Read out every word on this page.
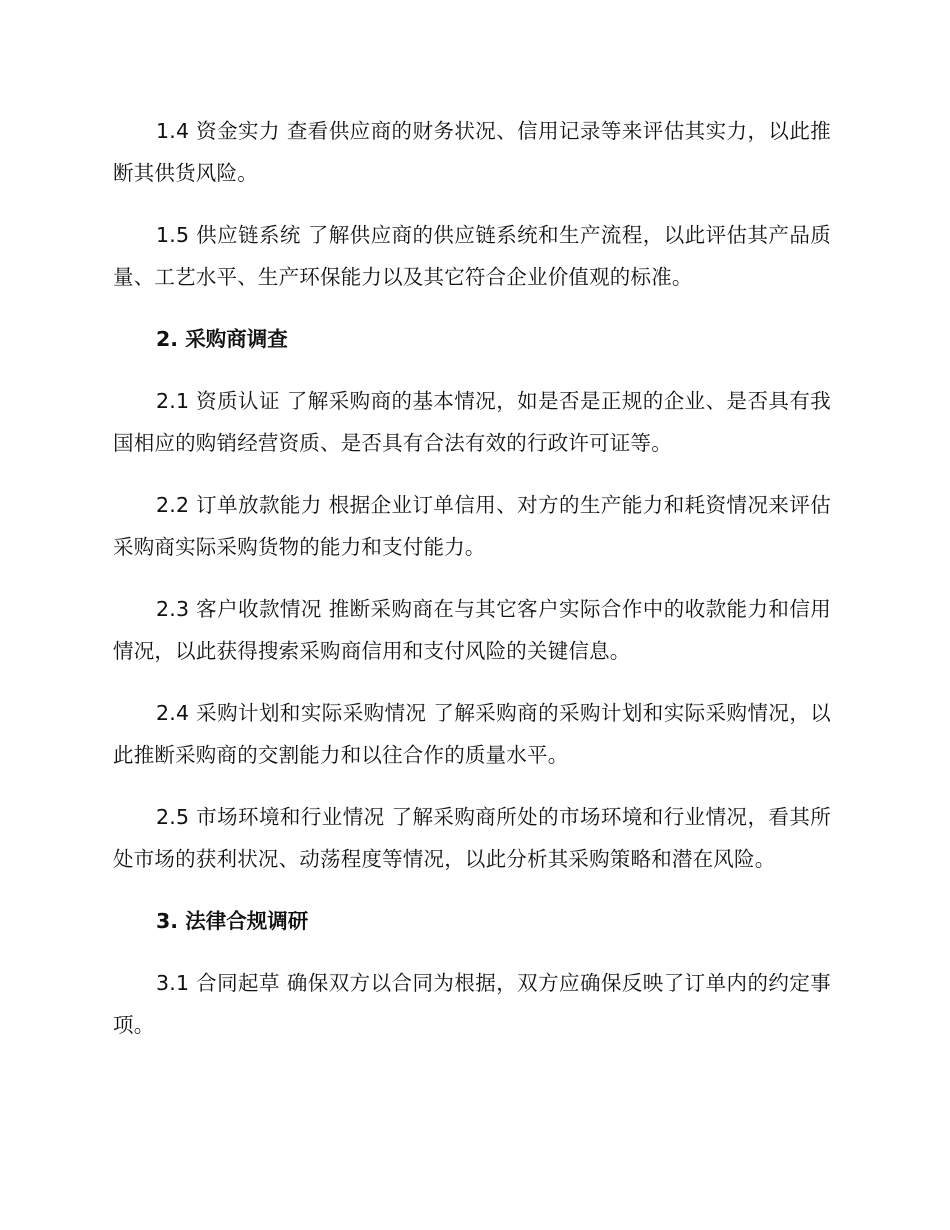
1.4 资金实力 查看供应商的财务状况、信用记录等来评估其实力，以此推断其供货风险。

1.5 供应链系统 了解供应商的供应链系统和生产流程，以此评估其产品质量、工艺水平、生产环保能力以及其它符合企业价值观的标准。

2. 采购商调查

2.1 资质认证 了解采购商的基本情况，如是否是正规的企业、是否具有我国相应的购销经营资质、是否具有合法有效的行政许可证等。

2.2 订单放款能力 根据企业订单信用、对方的生产能力和耗资情况来评估采购商实际采购货物的能力和支付能力。

2.3 客户收款情况 推断采购商在与其它客户实际合作中的收款能力和信用情况，以此获得搜索采购商信用和支付风险的关键信息。

2.4 采购计划和实际采购情况 了解采购商的采购计划和实际采购情况，以此推断采购商的交割能力和以往合作的质量水平。

2.5 市场环境和行业情况 了解采购商所处的市场环境和行业情况，看其所处市场的获利状况、动荡程度等情况，以此分析其采购策略和潜在风险。

3. 法律合规调研

3.1 合同起草 确保双方以合同为根据，双方应确保反映了订单内的约定事项。
